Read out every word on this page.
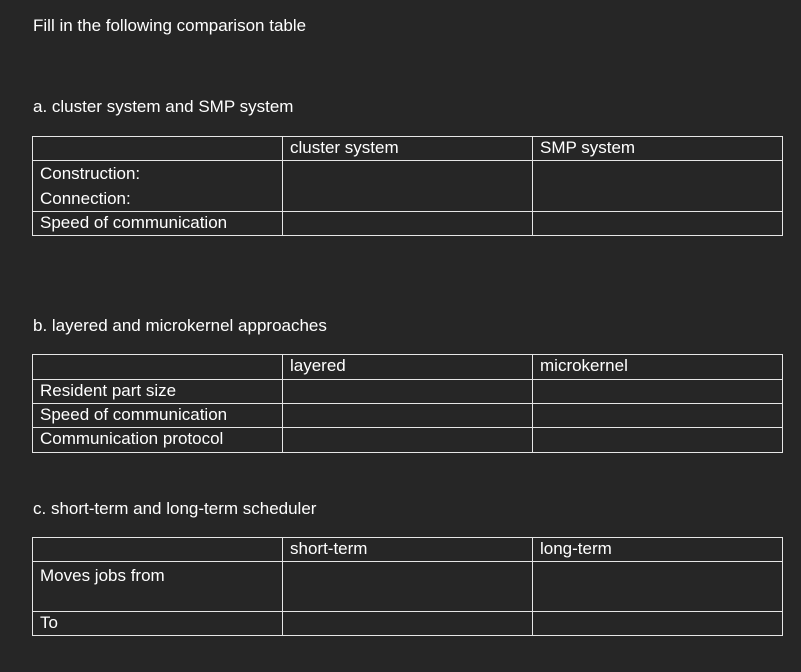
Fill in the following comparison table
a. cluster system and SMP system
	cluster system	SMP system

Construction:
Connection:		

Speed of communication		
b. layered and microkernel approaches
	layered	microkernel
Resident part size		
Speed of communication		
Communication protocol		
c. short-term and long-term scheduler
	short-term	long-term
Moves jobs from		
To		
